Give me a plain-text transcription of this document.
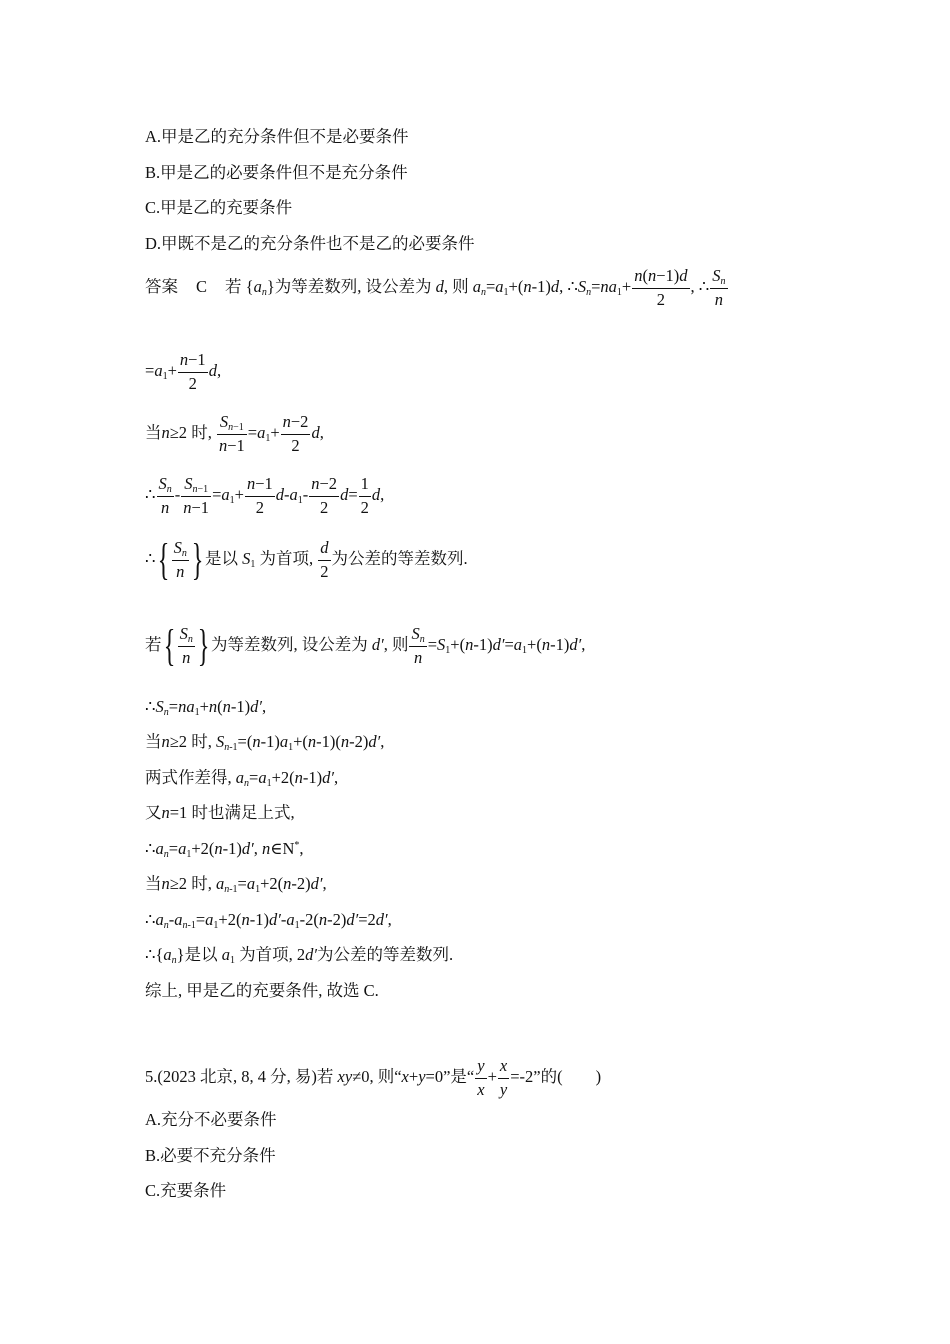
A.甲是乙的充分条件但不是必要条件
B.甲是乙的必要条件但不是充分条件
C.甲是乙的充要条件
D.甲既不是乙的充分条件也不是乙的必要条件
答案 C 若 $\{a_n\}$为等差数列, 设公差为 d, 则 $a_n=a_1+(n-1)d$, $\therefore S_n=na_1+ \frac{n(n-1)d}{2}$ , ∴ $\frac{S_n}{n}$
$=a_1+ \frac{n-1}{2} d$,
当n≥2 时, $\frac{S_{n-1}}{n-1} =a_1+ \frac{n-2}{2} d$,
∴ $\frac{S_n}{n} - \frac{S_{n-1}}{n-1} =a_1+ \frac{n-1}{2} d-a_1- \frac{n-2}{2} d= \frac{1}{2} d$,
∴{ $\frac{S_n}{n}$ } 是以 $S_1$ 为首项, $\frac{d}{2}$ 为公差的等差数列.
若{ $\frac{S_n}{n}$ } 为等差数列, 设公差为 d′, 则 $\frac{S_n}{n} =S_1+(n-1)d'=a_1+(n-1)d'$,
$\therefore S_n=na_1+n(n-1)d'$,
当n≥2 时, $S_{n-1}=(n-1)a_1+(n-1)(n-2)d'$,
两式作差得, $a_n=a_1+2(n-1)d'$,
又n=1 时也满足上式,
$\therefore a_n=a_1+2(n-1)d'$, n∈N*,
当n≥2 时, $a_{n-1}=a_1+2(n-2)d'$,
$\therefore a_n-a_{n-1}=a_1+2(n-1)d'-a_1-2(n-2)d'=2d'$,
$\therefore\{a_n\}$是以 $a_1$ 为首项, 2d′为公差的等差数列.
综上, 甲是乙的充要条件, 故选 C.
5.(2023 北京, 8, 4 分, 易)若 xy≠0, 则“x+y=0”是“ $\frac{y}{x} + \frac{x}{y} =-2$”的(　　)
A.充分不必要条件
B.必要不充分条件
C.充要条件
